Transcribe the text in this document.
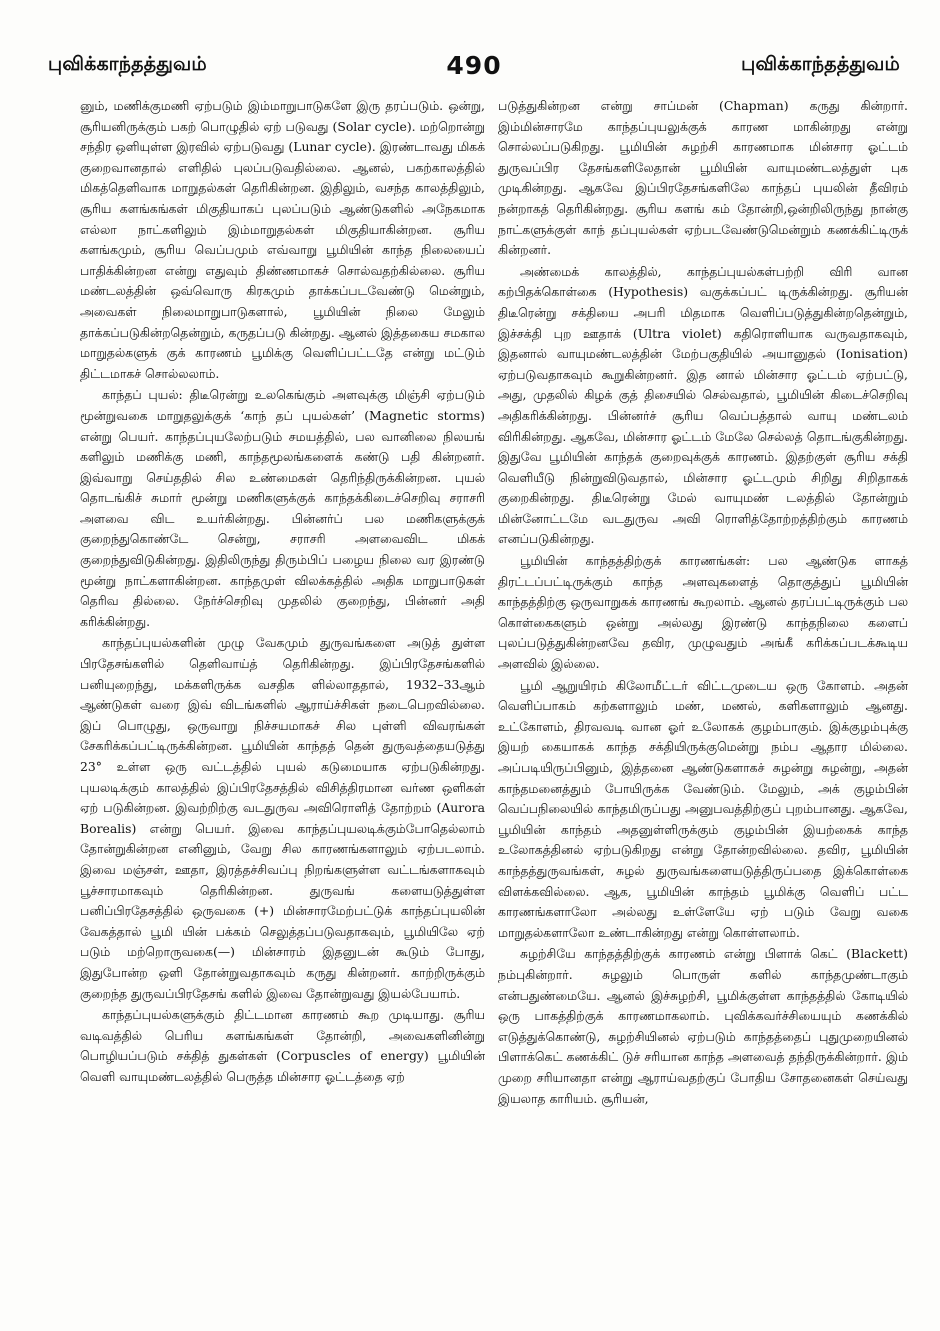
புவிக்காந்தத்துவம்	490	புவிக்காந்தத்துவம்

னும், மணிக்குமணி ஏற்படும் இம்மாறுபாடுகளே இரு தரப்படும். ஒன்று, சூரியனிருக்கும் பகற் பொழுதில் ஏற் படுவது (Solar cycle). மற்றொன்று சந்திர ஒளியுள்ள இரவில் ஏற்படுவது (Lunar cycle). இரண்டாவது மிகக் குறைவானதால் எளிதில் புலப்படுவதில்லை. ஆனல், பகற்காலத்தில் மிகத்தெளிவாக மாறுதல்கள் தெரிகின்றன. இதிலும், வசந்த காலத்திலும், சூரிய களங்கங்கள் மிகுதியாகப் புலப்படும் ஆண்டுகளில் அநேகமாக எல்லா நாட்களிலும் இம்மாறுதல்கள் மிகுதியாகின்றன. சூரிய களங்கமும், சூரிய வெப்பமும் எவ்வாறு பூமியின் காந்த நிலையைப் பாதிக்கின்றன என்று எதுவும் திண்ணமாகச் சொல்வதற்கில்லை. சூரிய மண்டலத்தின் ஒவ்வொரு கிரகமும் தாக்கப்படவேண்டு மென்றும், அவைகள் நிலைமாறுபாடுகளால், பூமியின் நிலை மேலும் தாக்கப்படுகின்றதென்றும், கருதப்படு கின்றது. ஆனல் இத்தகைய சமகால மாறுதல்களுக் குக் காரணம் பூமிக்கு வெளிப்பட்டதே என்று மட்டும் திட்டமாகச் சொல்லலாம்.

காந்தப் புயல்: திடீரென்று உலகெங்கும் அளவுக்கு மிஞ்சி ஏற்படும் மூன்றுவகை மாறுதலுக்குக் ‘காந் தப் புயல்கள்’ (Magnetic storms) என்று பெயர். காந்தப்புயலேற்படும் சமயத்தில், பல வானிலை நிலயங் களிலும் மணிக்கு மணி, காந்தமூலங்களைக் கண்டு பதி கின்றனர். இவ்வாறு செய்ததில் சில உண்மைகள் தெரிந்திருக்கின்றன. புயல் தொடங்கிச் சுமார் மூன்று மணிகளுக்குக் காந்தக்கிடைச்செறிவு சராசரி அளவை விட உயர்கின்றது. பின்னர்ப் பல மணிகளுக்குக் குறைந்துகொண்டே சென்று, சராசரி அளவைவிட மிகக் குறைந்துவிடுகின்றது. இதிலிருந்து திரும்பிப் பழைய நிலை வர இரண்டு மூன்று நாட்களாகின்றன. காந்தமுள் விலக்கத்தில் அதிக மாறுபாடுகள் தெரிவ தில்லை. நேர்ச்செறிவு முதலில் குறைந்து, பின்னர் அதி கரிக்கின்றது.

காந்தப்புயல்களின் முழு வேகமும் துருவங்களை அடுத் துள்ள பிரதேசங்களில் தெளிவாய்த் தெரிகின்றது. இப்பிரதேசங்களில் பனியுறைந்து, மக்களிருக்க வசதிக ளில்லாததால், 1932–33ஆம் ஆண்டுகள் வரை இவ் விடங்களில் ஆராய்ச்சிகள் நடைபெறவில்லை. இப் பொழுது, ஒருவாறு நிச்சயமாகச் சில புள்ளி விவரங்கள் சேகரிக்கப்பட்டிருக்கின்றன. பூமியின் காந்தத் தென் துருவத்தையடுத்து 23° உள்ள ஒரு வட்டத்தில் புயல் கடுமையாக ஏற்படுகின்றது. புயலடிக்கும் காலத்தில் இப்பிரதேசத்தில் விசித்திரமான வர்ண ஒளிகள் ஏற் படுகின்றன. இவற்றிற்கு வடதுருவ அவிரொளித் தோற்றம் (Aurora Borealis) என்று பெயர். இவை காந்தப்புயலடிக்கும்போதெல்லாம் தோன்றுகின்றன எனினும், வேறு சில காரணங்களாலும் ஏற்படலாம். இவை மஞ்சள், ஊதா, இரத்தச்சிவப்பு நிறங்களுள்ள வட்டங்களாகவும் பூச்சாரமாகவும் தெரிகின்றன. துருவங் களையடுத்துள்ள பனிப்பிரதேசத்தில் ஒருவகை (+) மின்சாரமேற்பட்டுக் காந்தப்புயலின் வேகத்தால் பூமி யின் பக்கம் செலுத்தப்படுவதாகவும், பூமியிலே ஏற் படும் மற்றொருவகை(—) மின்சாரம் இதனுடன் கூடும் போது, இதுபோன்ற ஒளி தோன்றுவதாகவும் கருது கின்றனர். காற்றிருக்கும் குறைந்த துருவப்பிரதேசங் களில் இவை தோன்றுவது இயல்பேயாம்.

காந்தப்புயல்களுக்கும் திட்டமான காரணம் கூற முடியாது. சூரிய வடிவத்தில் பெரிய களங்கங்கள் தோன்றி, அவைகளினின்று பொழியப்படும் சக்தித் துகள்கள் (Corpuscles of energy) பூமியின் வெளி வாயுமண்டலத்தில் பெருத்த மின்சார ஓட்டத்தை ஏற்

படுத்துகின்றன என்று சாப்மன் (Chapman) கருது கின்றார். இம்மின்சாரமே காந்தப்புயலுக்குக் காரண மாகின்றது என்று சொல்லப்படுகிறது. பூமியின் சுழற்சி காரணமாக மின்சார ஓட்டம் துருவப்பிர தேசங்களிலேதான் பூமியின் வாயுமண்டலத்துள் புக முடிகின்றது. ஆகவே இப்பிரதேசங்களிலே காந்தப் புயலின் தீவிரம் நன்றாகத் தெரிகின்றது. சூரிய களங் கம் தோன்றி,ஒன்றிலிருந்து நான்கு நாட்களுக்குள் காந் தப்புயல்கள் ஏற்படவேண்டுமென்றும் கணக்கிட்டிருக் கின்றனர்.

அண்மைக் காலத்தில், காந்தப்புயல்கள்பற்றி விரி வான கற்பிதக்கொள்கை (Hypothesis) வகுக்கப்பட் டிருக்கின்றது. சூரியன் திடீரென்று சக்தியை அபரி மிதமாக வெளிப்படுத்துகின்றதென்றும், இச்சக்தி புற ஊதாக் (Ultra violet) கதிரொளியாக வருவதாகவும், இதனால் வாயுமண்டலத்தின் மேற்பகுதியில் அயானுதல் (Ionisation) ஏற்படுவதாகவும் கூறுகின்றனர். இத னால் மின்சார ஓட்டம் ஏற்பட்டு, அது, முதலில் கிழக் குத் திசையில் செல்வதால், பூமியின் கிடைச்செறிவு அதிகரிக்கின்றது. பின்னர்ச் சூரிய வெப்பத்தால் வாயு மண்டலம் விரிகின்றது. ஆகவே, மின்சார ஓட்டம் மேலே செல்லத் தொடங்குகின்றது. இதுவே பூமியின் காந்தக் குறைவுக்குக் காரணம். இதற்குள் சூரிய சக்தி வெளியீடு நின்றுவிடுவதால், மின்சார ஓட்டமும் சிறிது சிறிதாகக் குறைகின்றது. திடீரென்று மேல் வாயுமண் டலத்தில் தோன்றும் மின்னோட்டமே வடதுருவ அவி ரொளித்தோற்றத்திற்கும் காரணம் எனப்படுகின்றது.

பூமியின் காந்தத்திற்குக் காரணங்கள்: பல ஆண்டுக ளாகத் திரட்டப்பட்டிருக்கும் காந்த அளவுகளைத் தொகுத்துப் பூமியின் காந்தத்திற்கு ஒருவாறுகக் காரணங் கூறலாம். ஆனல் தரப்பட்டிருக்கும் பல கொள்கைகளும் ஒன்று அல்லது இரண்டு காந்தநிலை களைப் புலப்படுத்துகின்றனவே தவிர, முழுவதும் அங்கீ கரிக்கப்படக்கூடிய அளவில் இல்லை.

பூமி ஆறுயிரம் கிலோமீட்டர் விட்டமுடைய ஒரு கோளம். அதன் வெளிப்பாகம் கற்களாலும் மண், மணல், களிகளாலும் ஆனது. உட்கோளம், திரவவடி வான ஓர் உலோகக் குழம்பாகும். இக்குழம்புக்கு இயற் கையாகக் காந்த சக்தியிருக்குமென்று நம்ப ஆதார மில்லை. அப்படியிருப்பினும், இத்தனை ஆண்டுகளாகச் சுழன்று சுழன்று, அதன் காந்தமனைத்தும் போயிருக்க வேண்டும். மேலும், அக் குழம்பின் வெப்பநிலையில் காந்தமிருப்பது அனுபவத்திற்குப் புறம்பானது. ஆகவே, பூமியின் காந்தம் அதனுள்ளிருக்கும் குழம்பின் இயற்கைக் காந்த உலோகத்தினல் ஏற்படுகிறது என்று தோன்றவில்லை. தவிர, பூமியின் காந்தத்துருவங்கள், சுழல் துருவங்களையடுத்திருப்பதை இக்கொள்கை விளக்கவில்லை. ஆக, பூமியின் காந்தம் பூமிக்கு வெளிப் பட்ட காரணங்களாலோ அல்லது உள்ளேயே ஏற் படும் வேறு வகை மாறுதல்களாலோ உண்டாகின்றது என்று கொள்ளலாம்.

சுழற்சியே காந்தத்திற்குக் காரணம் என்று பிளாக் கெட் (Blackett) நம்புகின்றார். சுழலும் பொருள் களில் காந்தமுண்டாகும் என்பதுண்மையே. ஆனல் இச்சுழற்சி, பூமிக்குள்ள காந்தத்தில் கோடியில் ஒரு பாகத்திற்குக் காரணமாகலாம். புவிக்கவர்ச்சியையும் கணக்கில் எடுத்துக்கொண்டு, சுழற்சியினல் ஏற்படும் காந்தத்தைப் புதுமுறையினல் பிளாக்கெட் கணக்கிட் டுச் சரியான காந்த அளவைத் தந்திருக்கின்றார். இம் முறை சரியானதா என்று ஆராய்வதற்குப் போதிய சோதனைகள் செய்வது இயலாத காரியம். சூரியன்,
